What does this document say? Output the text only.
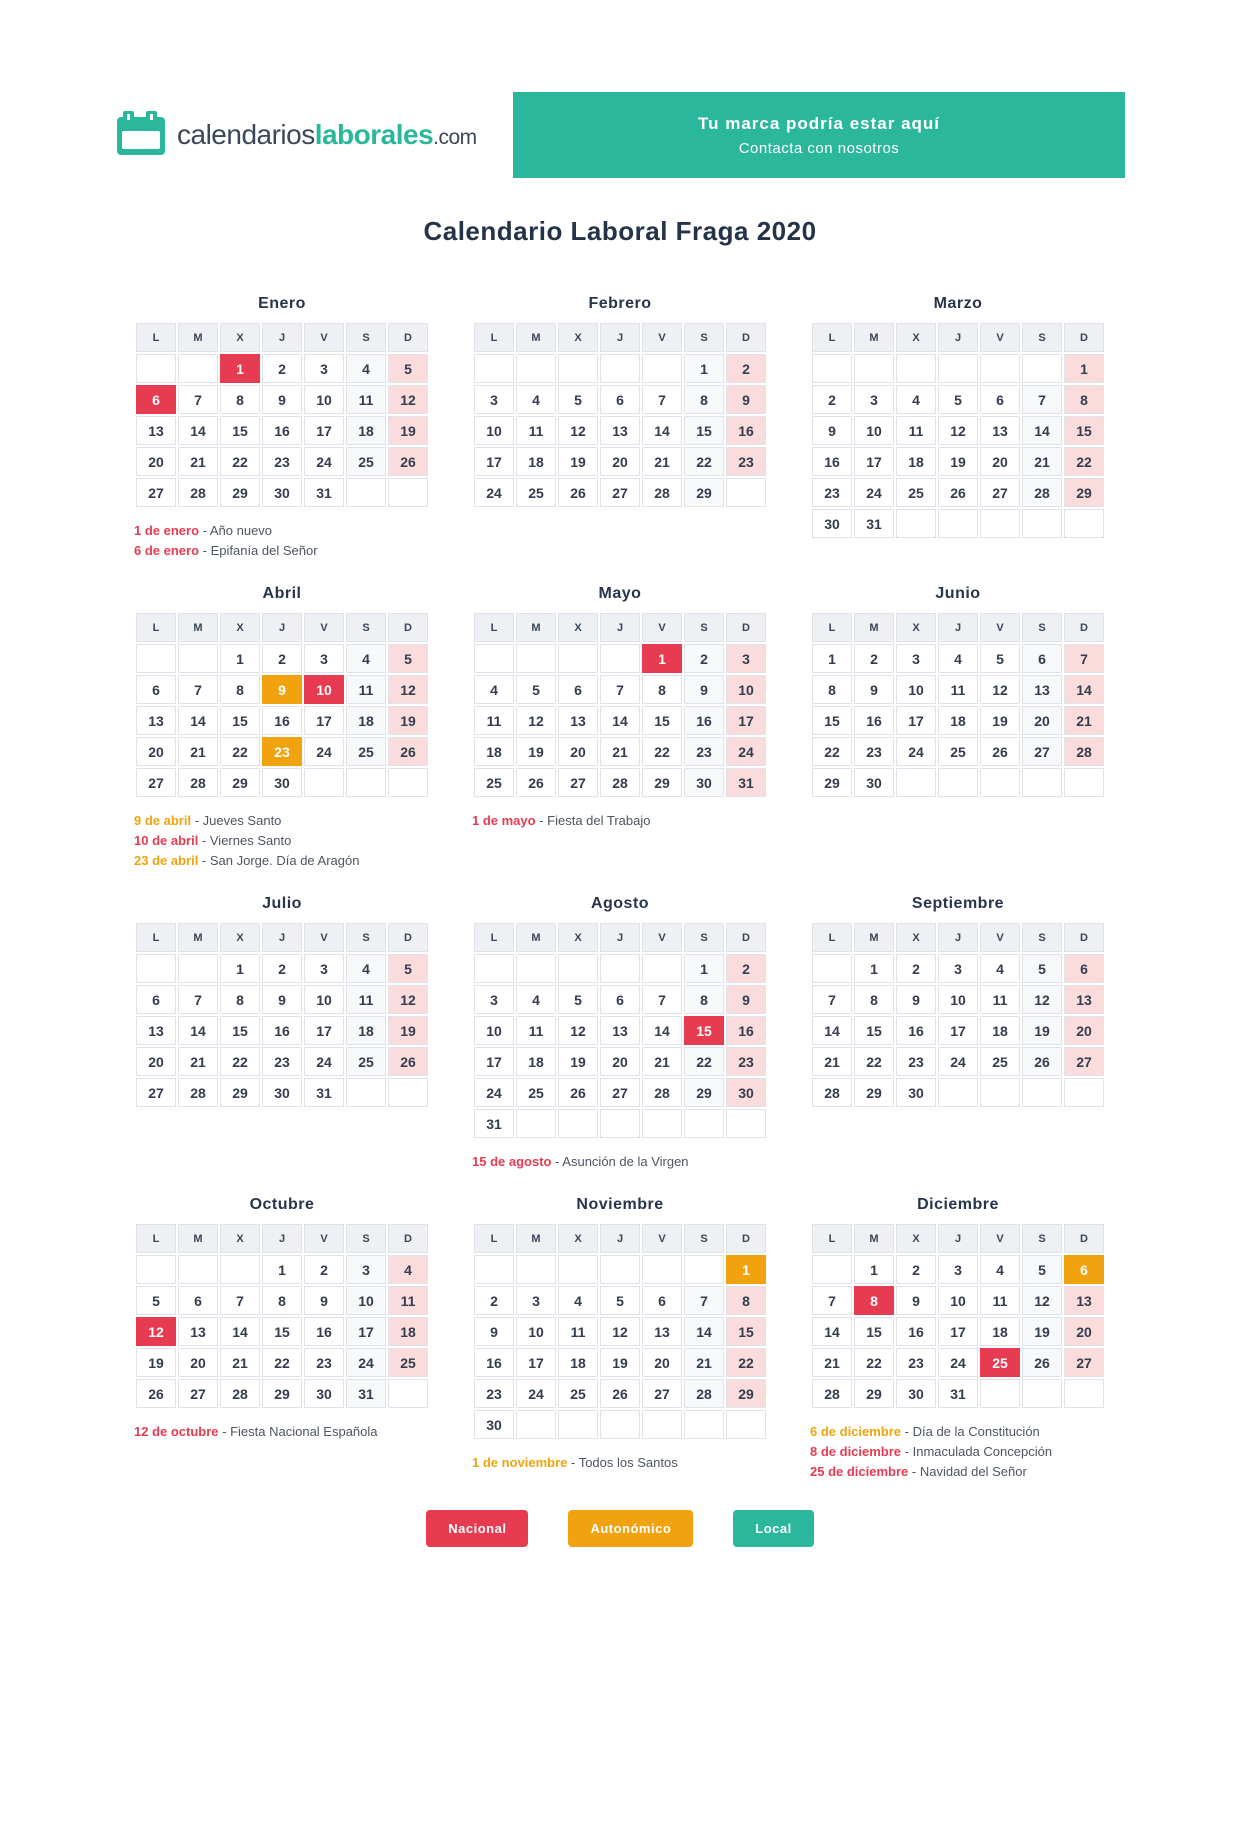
calendarioslaborales.com
Tu marca podría estar aquí
Contacta con nosotros
Calendario Laboral Fraga 2020
Enero
L	M	X	J	V	S	D
		1	2	3	4	5
6	7	8	9	10	11	12
13	14	15	16	17	18	19
20	21	22	23	24	25	26
27	28	29	30	31		
1 de enero - Año nuevo
6 de enero - Epifanía del Señor
Febrero
L	M	X	J	V	S	D
					1	2
3	4	5	6	7	8	9
10	11	12	13	14	15	16
17	18	19	20	21	22	23
24	25	26	27	28	29	
Marzo
L	M	X	J	V	S	D
						1
2	3	4	5	6	7	8
9	10	11	12	13	14	15
16	17	18	19	20	21	22
23	24	25	26	27	28	29
30	31					
Abril
L	M	X	J	V	S	D
		1	2	3	4	5
6	7	8	9	10	11	12
13	14	15	16	17	18	19
20	21	22	23	24	25	26
27	28	29	30			
9 de abril - Jueves Santo
10 de abril - Viernes Santo
23 de abril - San Jorge. Día de Aragón
Mayo
L	M	X	J	V	S	D
				1	2	3
4	5	6	7	8	9	10
11	12	13	14	15	16	17
18	19	20	21	22	23	24
25	26	27	28	29	30	31
1 de mayo - Fiesta del Trabajo
Junio
L	M	X	J	V	S	D
1	2	3	4	5	6	7
8	9	10	11	12	13	14
15	16	17	18	19	20	21
22	23	24	25	26	27	28
29	30					
Julio
L	M	X	J	V	S	D
		1	2	3	4	5
6	7	8	9	10	11	12
13	14	15	16	17	18	19
20	21	22	23	24	25	26
27	28	29	30	31		
Agosto
L	M	X	J	V	S	D
					1	2
3	4	5	6	7	8	9
10	11	12	13	14	15	16
17	18	19	20	21	22	23
24	25	26	27	28	29	30
31						
15 de agosto - Asunción de la Virgen
Septiembre
L	M	X	J	V	S	D
	1	2	3	4	5	6
7	8	9	10	11	12	13
14	15	16	17	18	19	20
21	22	23	24	25	26	27
28	29	30				
Octubre
L	M	X	J	V	S	D
			1	2	3	4
5	6	7	8	9	10	11
12	13	14	15	16	17	18
19	20	21	22	23	24	25
26	27	28	29	30	31	
12 de octubre - Fiesta Nacional Española
Noviembre
L	M	X	J	V	S	D
						1
2	3	4	5	6	7	8
9	10	11	12	13	14	15
16	17	18	19	20	21	22
23	24	25	26	27	28	29
30						
1 de noviembre - Todos los Santos
Diciembre
L	M	X	J	V	S	D
	1	2	3	4	5	6
7	8	9	10	11	12	13
14	15	16	17	18	19	20
21	22	23	24	25	26	27
28	29	30	31			
6 de diciembre - Día de la Constitución
8 de diciembre - Inmaculada Concepción
25 de diciembre - Navidad del Señor
Nacional	Autonómico	Local
